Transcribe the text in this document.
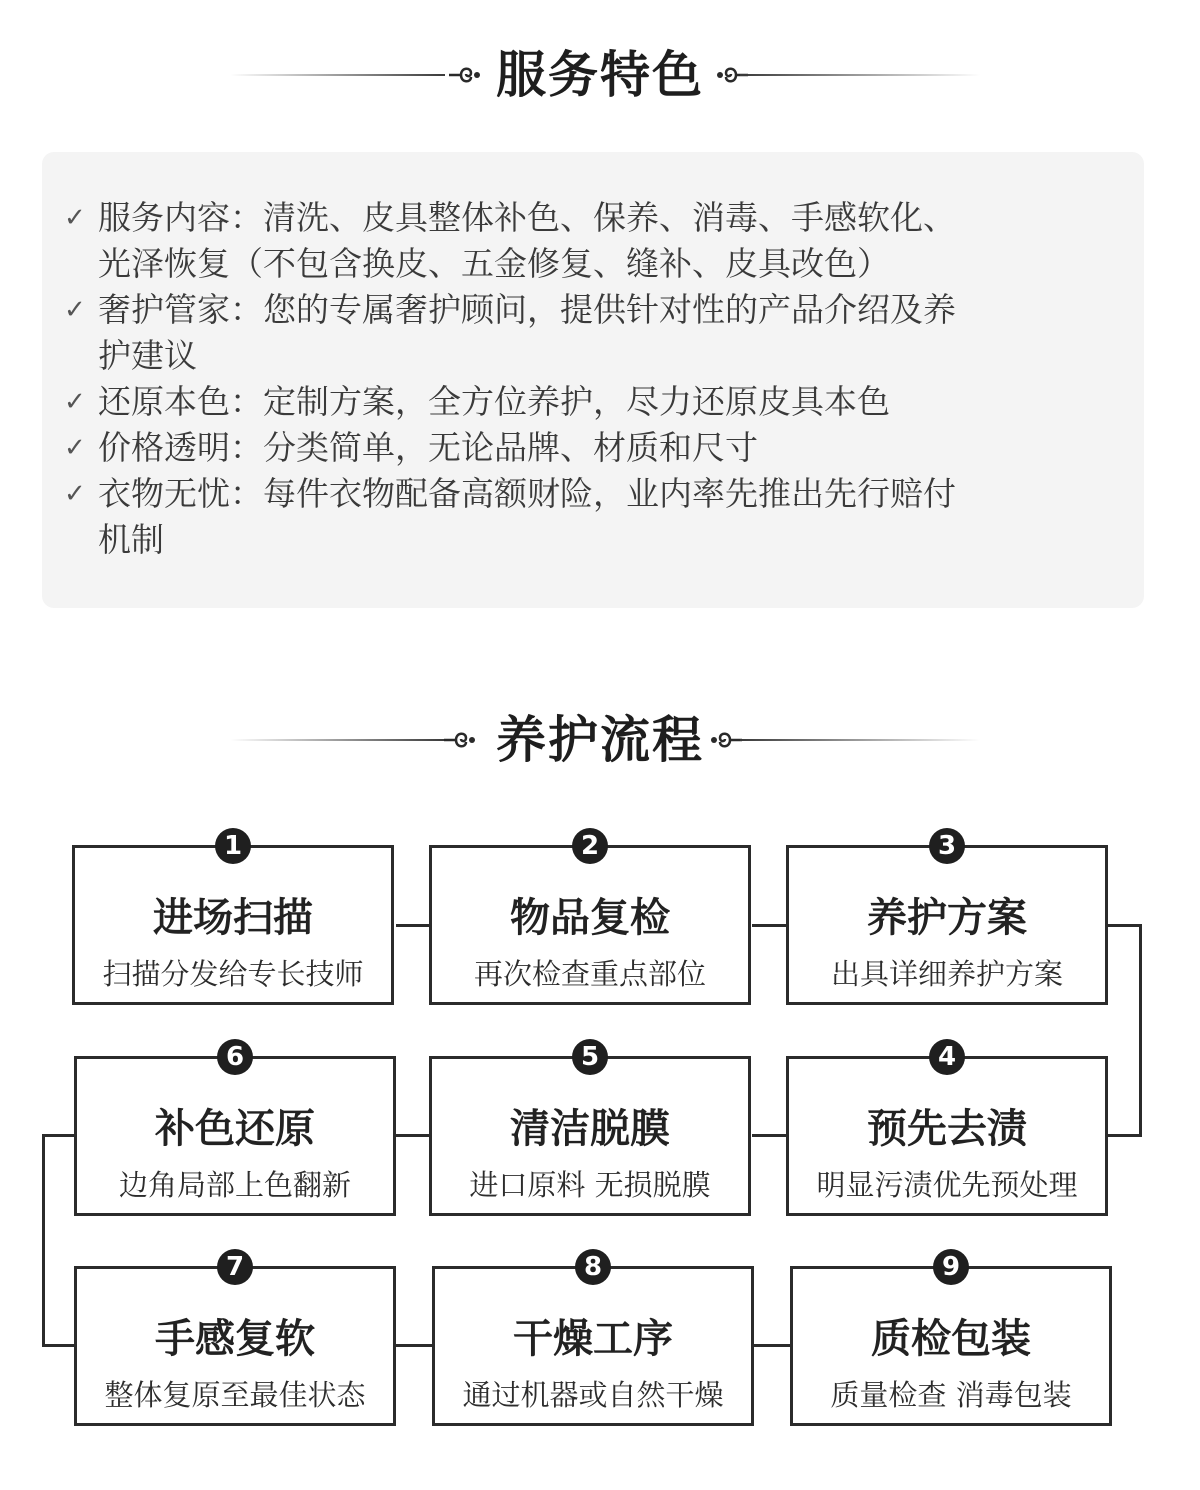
服务特色
✓ 服务内容：清洗、皮具整体补色、保养、消毒、手感软化、
光泽恢复（不包含换皮、五金修复、缝补、皮具改色）
✓ 奢护管家：您的专属奢护顾问，提供针对性的产品介绍及养
护建议
✓ 还原本色：定制方案，全方位养护，尽力还原皮具本色
✓ 价格透明：分类简单，无论品牌、材质和尺寸
✓ 衣物无忧：每件衣物配备高额财险，业内率先推出先行赔付
机制
养护流程
1
进场扫描
扫描分发给专长技师
2
物品复检
再次检查重点部位
3
养护方案
出具详细养护方案
4
预先去渍
明显污渍优先预处理
5
清洁脱膜
进口原料 无损脱膜
6
补色还原
边角局部上色翻新
7
手感复软
整体复原至最佳状态
8
干燥工序
通过机器或自然干燥
9
质检包装
质量检查 消毒包装
